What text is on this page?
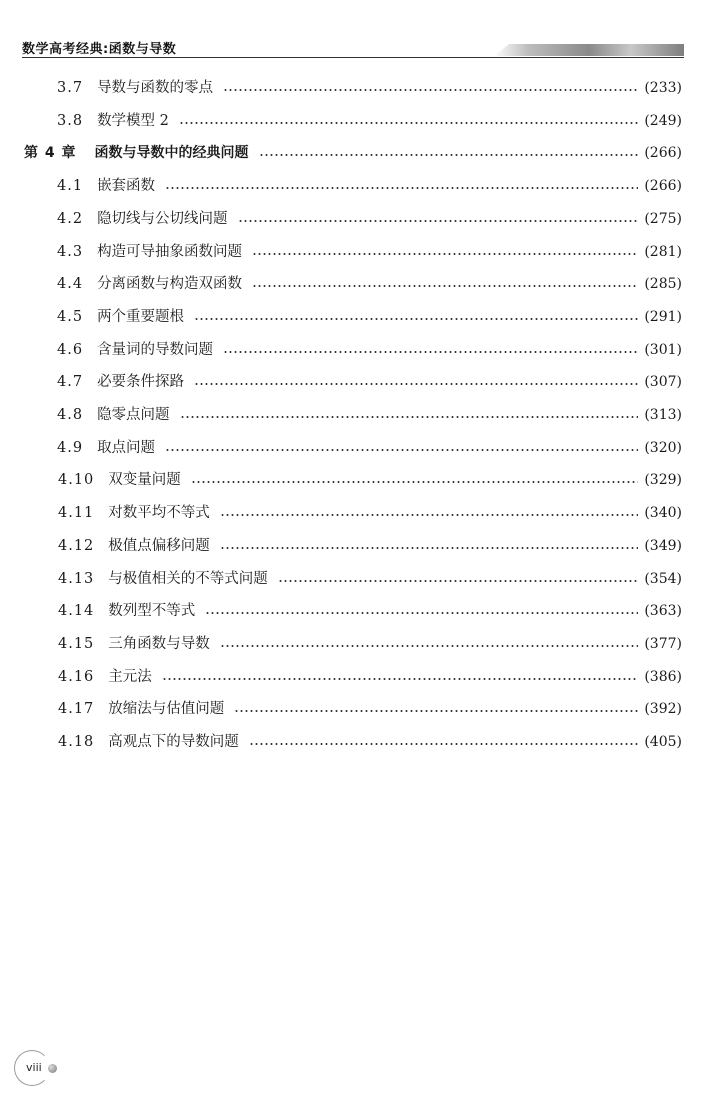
数学高考经典:函数与导数
3.7 导数与函数的零点	(233)
3.8 数学模型 2	(249)
第 4 章 函数与导数中的经典问题	(266)
4.1 嵌套函数	(266)
4.2 隐切线与公切线问题	(275)
4.3 构造可导抽象函数问题	(281)
4.4 分离函数与构造双函数	(285)
4.5 两个重要题根	(291)
4.6 含量词的导数问题	(301)
4.7 必要条件探路	(307)
4.8 隐零点问题	(313)
4.9 取点问题	(320)
4.10 双变量问题	(329)
4.11 对数平均不等式	(340)
4.12 极值点偏移问题	(349)
4.13 与极值相关的不等式问题	(354)
4.14 数列型不等式	(363)
4.15 三角函数与导数	(377)
4.16 主元法	(386)
4.17 放缩法与估值问题	(392)
4.18 高观点下的导数问题	(405)
viii
